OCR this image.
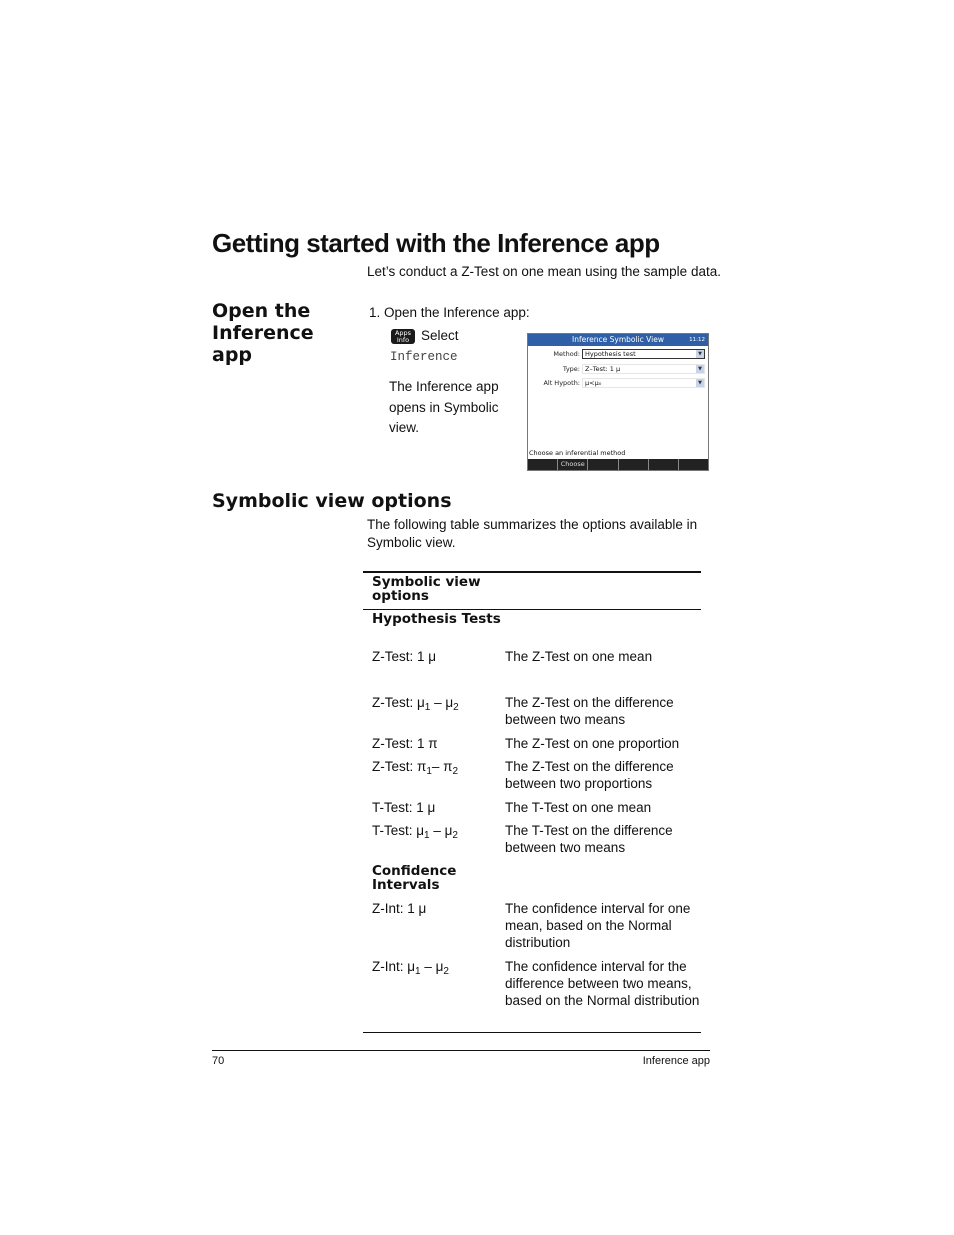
Getting started with the Inference app
Let’s conduct a Z-Test on one mean using the sample data.
Open the Inference app
1. Open the Inference app:
Apps
Info Select
Inference
The Inference app opens in Symbolic view.
Inference Symbolic View	11:12
Method: Hypothesis test	▼
Type: Z–Test: 1 μ	▼
Alt Hypoth: μ<μ₀	▼
Choose an inferential method
Choose
Symbolic view options
The following table summarizes the options available in Symbolic view.
Symbolic view options
Hypothesis Tests
Z-Test: 1 μ	The Z-Test on one mean
Z-Test: $\mu_1 - \mu_2$	The Z-Test on the difference between two means
Z-Test: 1 π	The Z-Test on one proportion
Z-Test: $\pi_1-$ $\pi_2$	The Z-Test on the difference between two proportions
T-Test: 1 μ	The T-Test on one mean
T-Test: $\mu_1 - \mu_2$	The T-Test on the difference between two means
Confidence Intervals
Z-Int: 1 μ	The confidence interval for one mean, based on the Normal distribution
Z-Int: $\mu_1 - \mu_2$	The confidence interval for the difference between two means, based on the Normal distribution
70	Inference app
